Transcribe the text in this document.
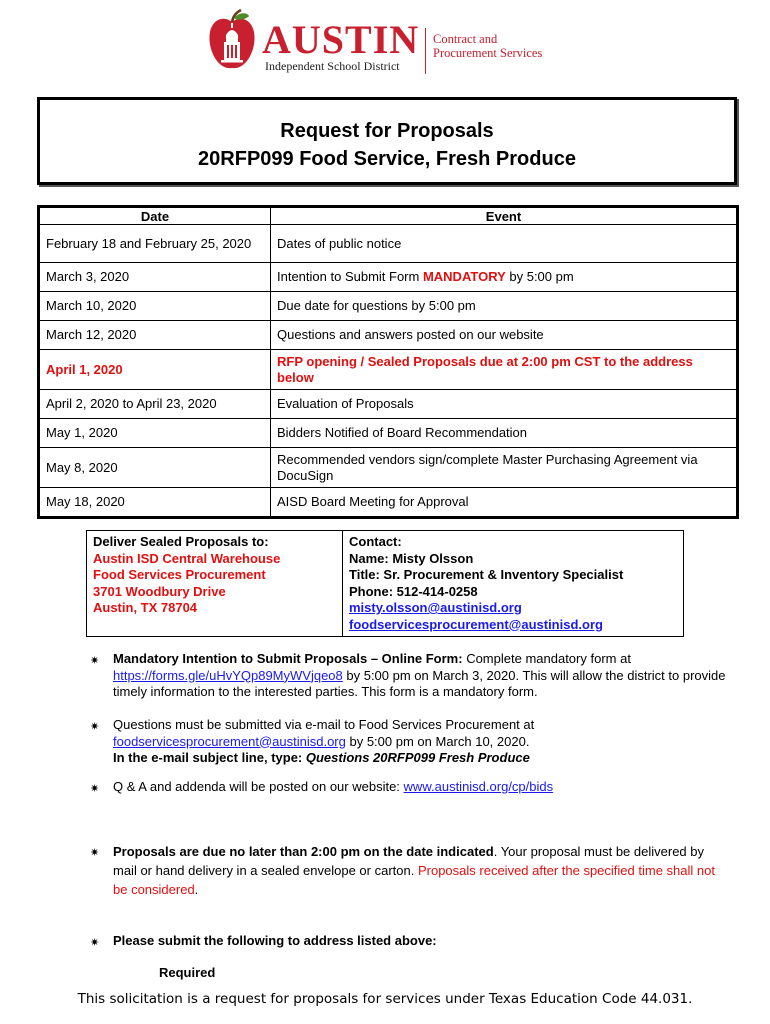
AUSTIN
Independent School District
Contract and
Procurement Services
Request for Proposals
20RFP099 Food Service, Fresh Produce
Date	Event
February 18 and February 25, 2020	Dates of public notice
March 3, 2020	Intention to Submit Form MANDATORY by 5:00 pm
March 10, 2020	Due date for questions by 5:00 pm
March 12, 2020	Questions and answers posted on our website
April 1, 2020	RFP opening / Sealed Proposals due at 2:00 pm CST to the address below
April 2, 2020 to April 23, 2020	Evaluation of Proposals
May 1, 2020	Bidders Notified of Board Recommendation
May 8, 2020	Recommended vendors sign/complete Master Purchasing Agreement via DocuSign
May 18, 2020	AISD Board Meeting for Approval
Deliver Sealed Proposals to:
Austin ISD Central Warehouse
Food Services Procurement
3701 Woodbury Drive
Austin, TX 78704

Contact:
Name: Misty Olsson
Title: Sr. Procurement & Inventory Specialist
Phone: 512-414-0258
misty.olsson@austinisd.org
foodservicesprocurement@austinisd.org
✷ Mandatory Intention to Submit Proposals – Online Form: Complete mandatory form at https://forms.gle/uHvYQp89MyWVjqeo8 by 5:00 pm on March 3, 2020. This will allow the district to provide timely information to the interested parties. This form is a mandatory form.
✷ Questions must be submitted via e-mail to Food Services Procurement at
foodservicesprocurement@austinisd.org by 5:00 pm on March 10, 2020.
In the e-mail subject line, type: Questions 20RFP099 Fresh Produce
✷ Q & A and addenda will be posted on our website: www.austinisd.org/cp/bids
✷ Proposals are due no later than 2:00 pm on the date indicated. Your proposal must be delivered by mail or hand delivery in a sealed envelope or carton. Proposals received after the specified time shall not be considered.
✷ Please submit the following to address listed above:
Required
This solicitation is a request for proposals for services under Texas Education Code 44.031.
